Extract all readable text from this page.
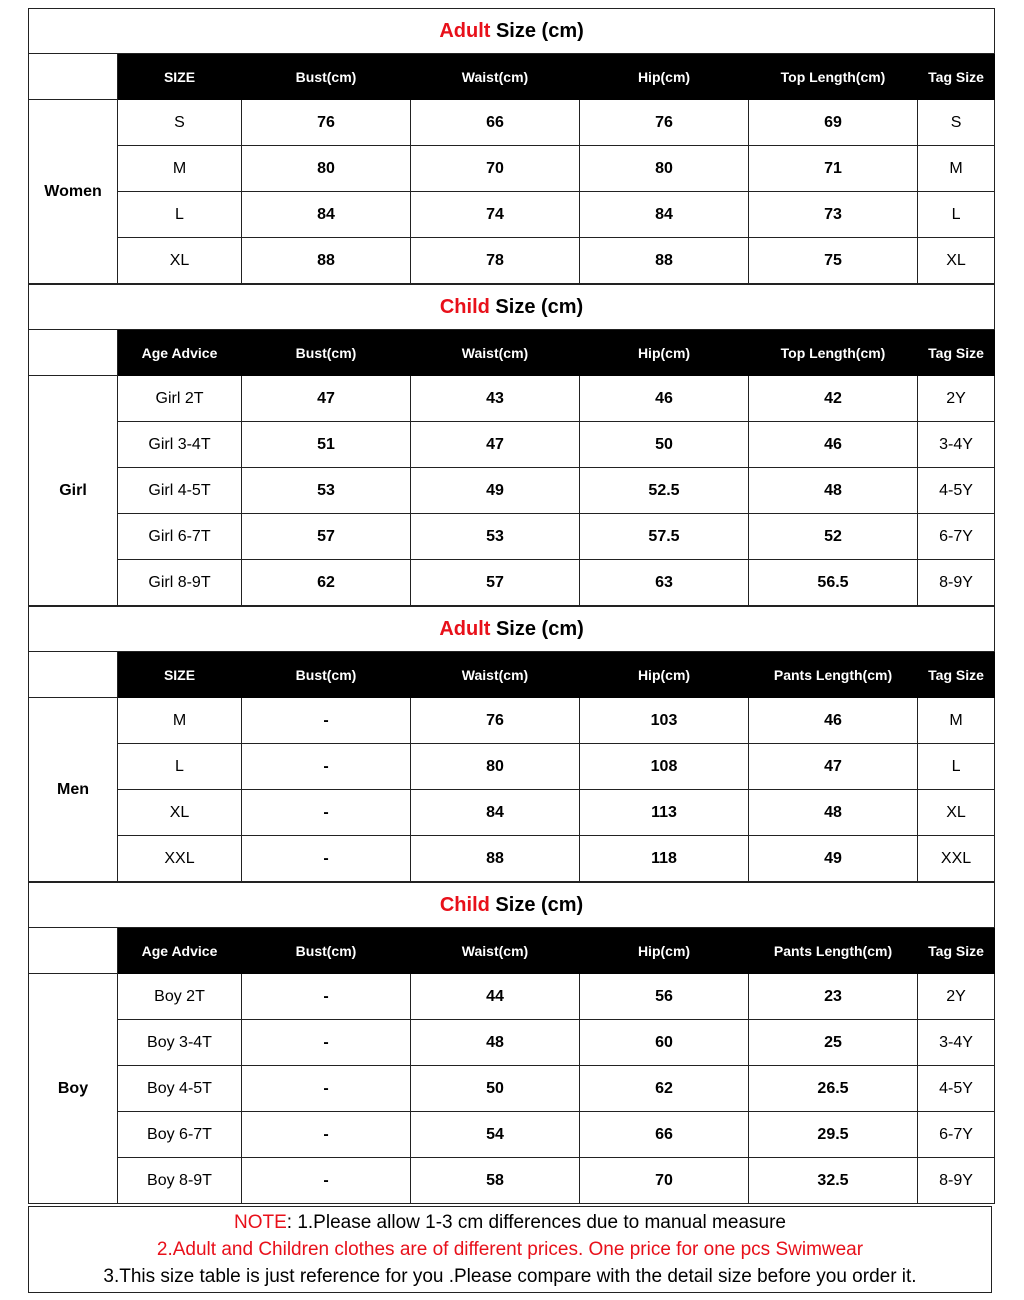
Adult Size (cm)						
	SIZE	Bust(cm)	Waist(cm)	Hip(cm)	Top Length(cm)	Tag Size
Women	S	76	66	76	69	S
	M	80	70	80	71	M
	L	84	74	84	73	L
	XL	88	78	88	75	XL
Child Size (cm)						
	Age Advice	Bust(cm)	Waist(cm)	Hip(cm)	Top Length(cm)	Tag Size
Girl	Girl 2T	47	43	46	42	2Y
	Girl 3-4T	51	47	50	46	3-4Y
	Girl 4-5T	53	49	52.5	48	4-5Y
	Girl 6-7T	57	53	57.5	52	6-7Y
	Girl 8-9T	62	57	63	56.5	8-9Y
Adult Size (cm)						
	SIZE	Bust(cm)	Waist(cm)	Hip(cm)	Pants Length(cm)	Tag Size
Men	M	-	76	103	46	M
	L	-	80	108	47	L
	XL	-	84	113	48	XL
	XXL	-	88	118	49	XXL
Child Size (cm)						
	Age Advice	Bust(cm)	Waist(cm)	Hip(cm)	Pants Length(cm)	Tag Size
Boy	Boy 2T	-	44	56	23	2Y
	Boy 3-4T	-	48	60	25	3-4Y
	Boy 4-5T	-	50	62	26.5	4-5Y
	Boy 6-7T	-	54	66	29.5	6-7Y
	Boy 8-9T	-	58	70	32.5	8-9Y
NOTE: 1.Please allow 1-3 cm differences due to manual measure
2.Adult and Children clothes are of different prices. One price for one pcs Swimwear
3.This size table is just reference for you .Please compare with the detail size before you order it.
